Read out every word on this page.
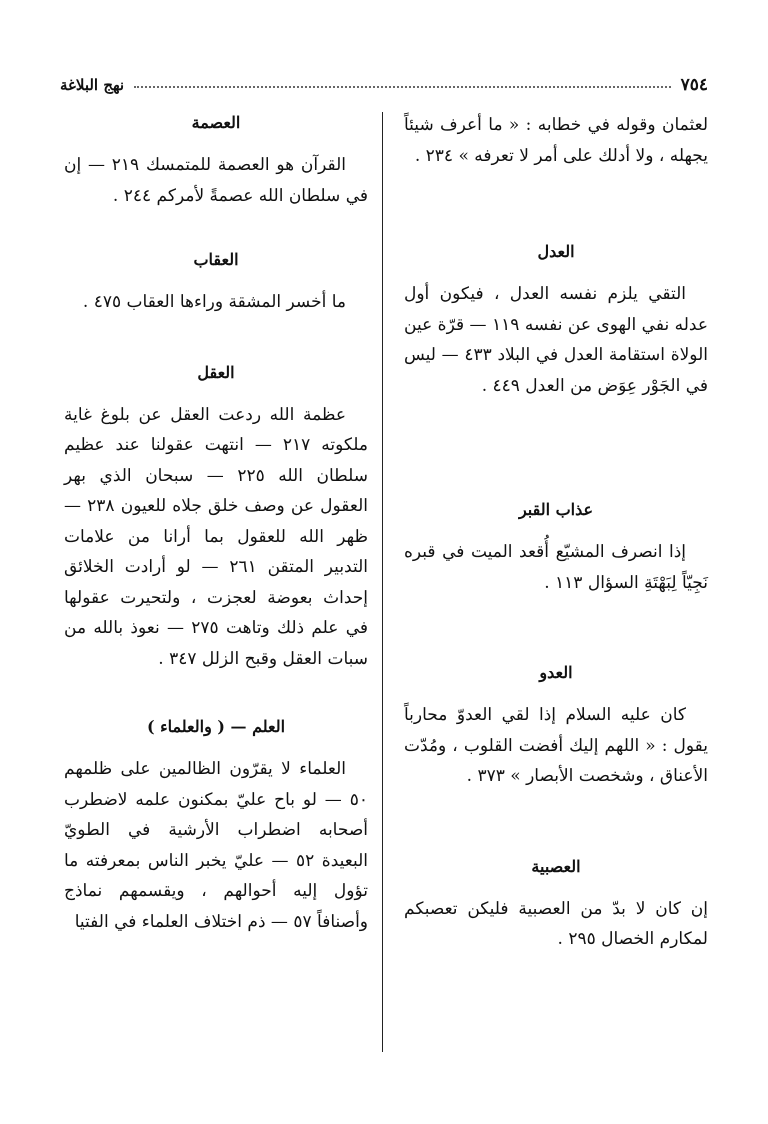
٧٥٤
نهج البلاغة

لعثمان وقوله في خطابه : « ما أعرف شيئاً يجهله ، ولا أدلك على أمر لا تعرفه » ٢٣٤ .

العدل

التقي يلزم نفسه العدل ، فيكون أول عدله نفي الهوى عن نفسه ١١٩ — قرّة عين الولاة استقامة العدل في البلاد ٤٣٣ — ليس في الجَوْر عِوَض من العدل ٤٤٩ .

عذاب القبر

إذا انصرف المشيّع أُقعد الميت في قبره نَجِيّاً لِبَهْتَةِ السؤال ١١٣ .

العدو

كان عليه السلام إذا لقي العدوّ محارباً يقول : « اللهم إليك أفضت القلوب ، ومُدّت الأعناق ، وشخصت الأبصار » ٣٧٣ .

العصبية

إن كان لا بدّ من العصبية فليكن تعصبكم لمكارم الخصال ٢٩٥ .

العصمة

القرآن هو العصمة للمتمسك ٢١٩ — إن في سلطان الله عصمةً لأمركم ٢٤٤ .

العقاب

ما أخسر المشقة وراءها العقاب ٤٧٥ .

العقل

عظمة الله ردعت العقل عن بلوغ غاية ملكوته ٢١٧ — انتهت عقولنا عند عظيم سلطان الله ٢٢٥ — سبحان الذي بهر العقول عن وصف خلق جلاه للعيون ٢٣٨ — ظهر الله للعقول بما أرانا من علامات التدبير المتقن ٢٦١ — لو أرادت الخلائق إحداث بعوضة لعجزت ، ولتحيرت عقولها في علم ذلك وتاهت ٢٧٥ — نعوذ بالله من سبات العقل وقبح الزلل ٣٤٧ .

العلم — ( والعلماء )

العلماء لا يقرّون الظالمين على ظلمهم ٥٠ — لو باح عليّ بمكنون علمه لاضطرب أصحابه اضطراب الأرشية في الطويّ البعيدة ٥٢ — عليّ يخبر الناس بمعرفته ما تؤول إليه أحوالهم ، ويقسمهم نماذج وأصنافاً ٥٧ — ذم اختلاف العلماء في الفتيا
